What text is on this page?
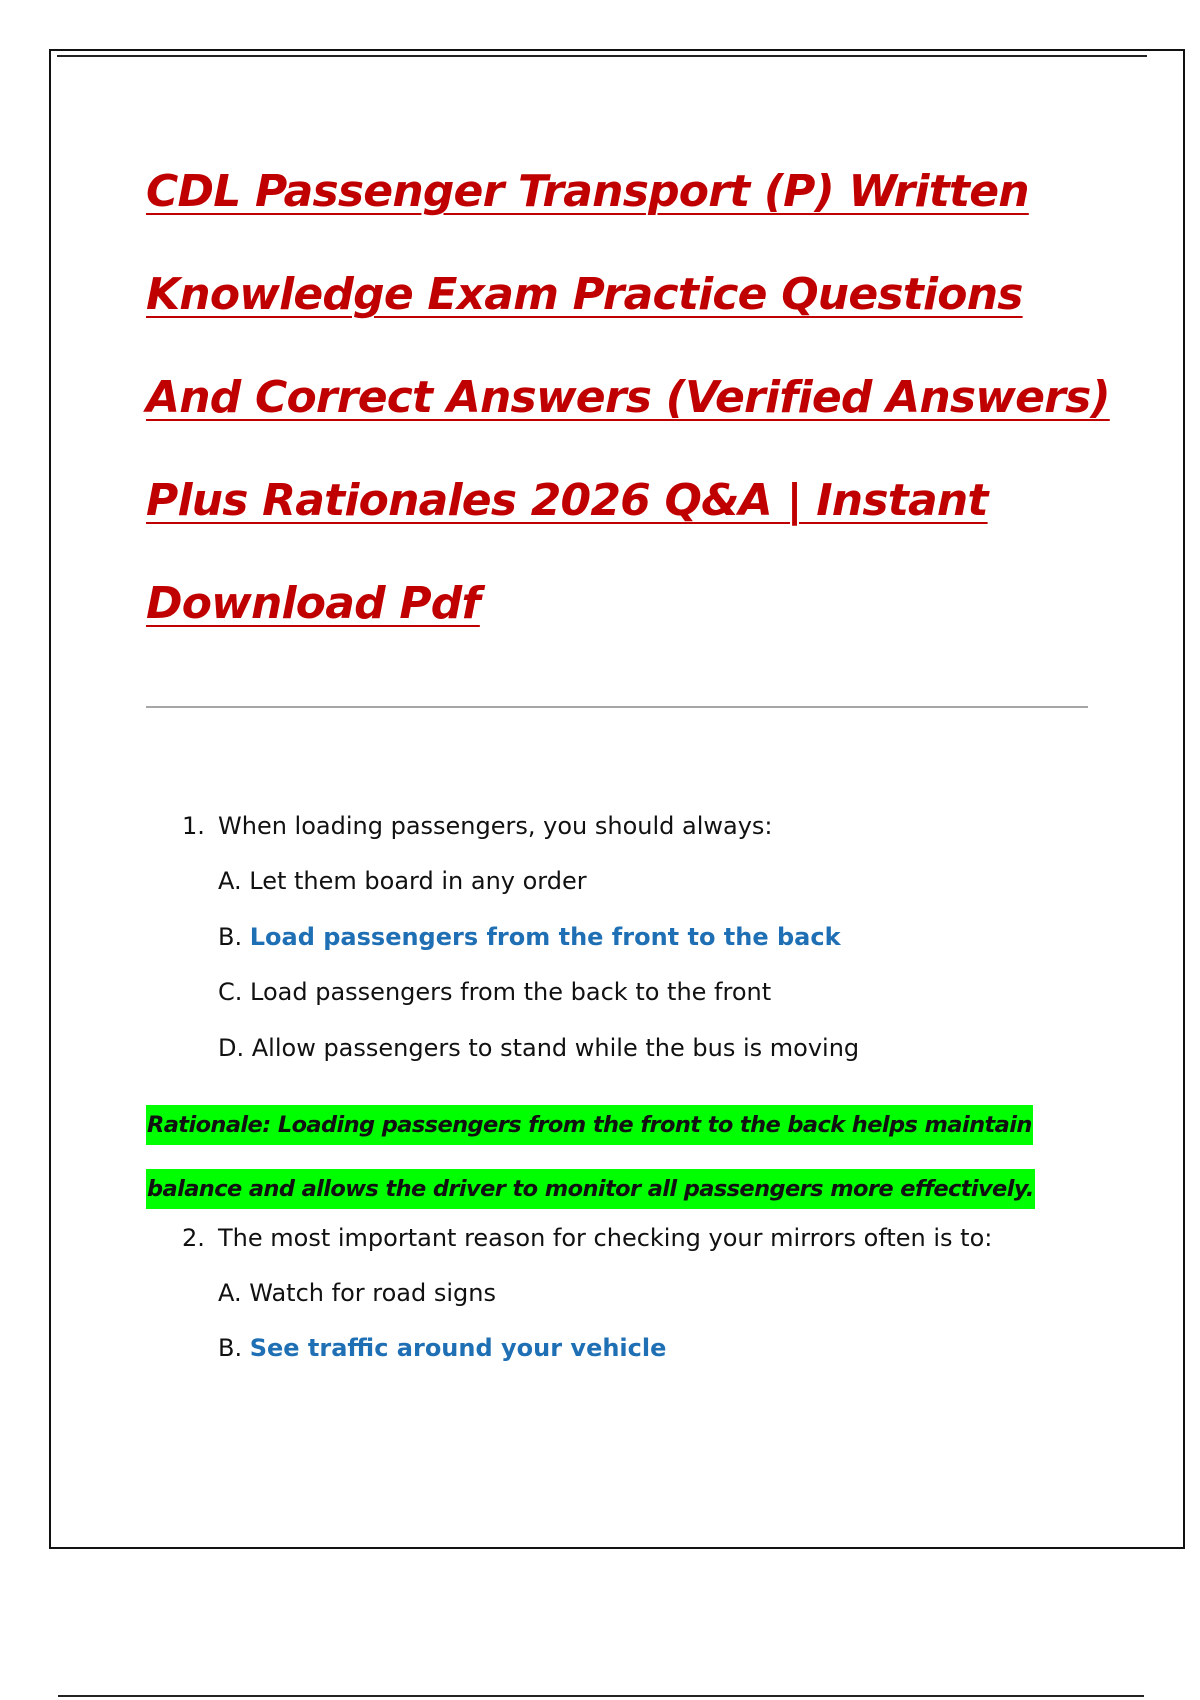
CDL Passenger Transport (P) Written
Knowledge Exam Practice Questions
And Correct Answers (Verified Answers)
Plus Rationales 2026 Q&A | Instant
Download Pdf
1. When loading passengers, you should always:
A. Let them board in any order
B. Load passengers from the front to the back
C. Load passengers from the back to the front
D. Allow passengers to stand while the bus is moving
Rationale: Loading passengers from the front to the back helps maintain
balance and allows the driver to monitor all passengers more effectively.
2. The most important reason for checking your mirrors often is to:
A. Watch for road signs
B. See traffic around your vehicle
